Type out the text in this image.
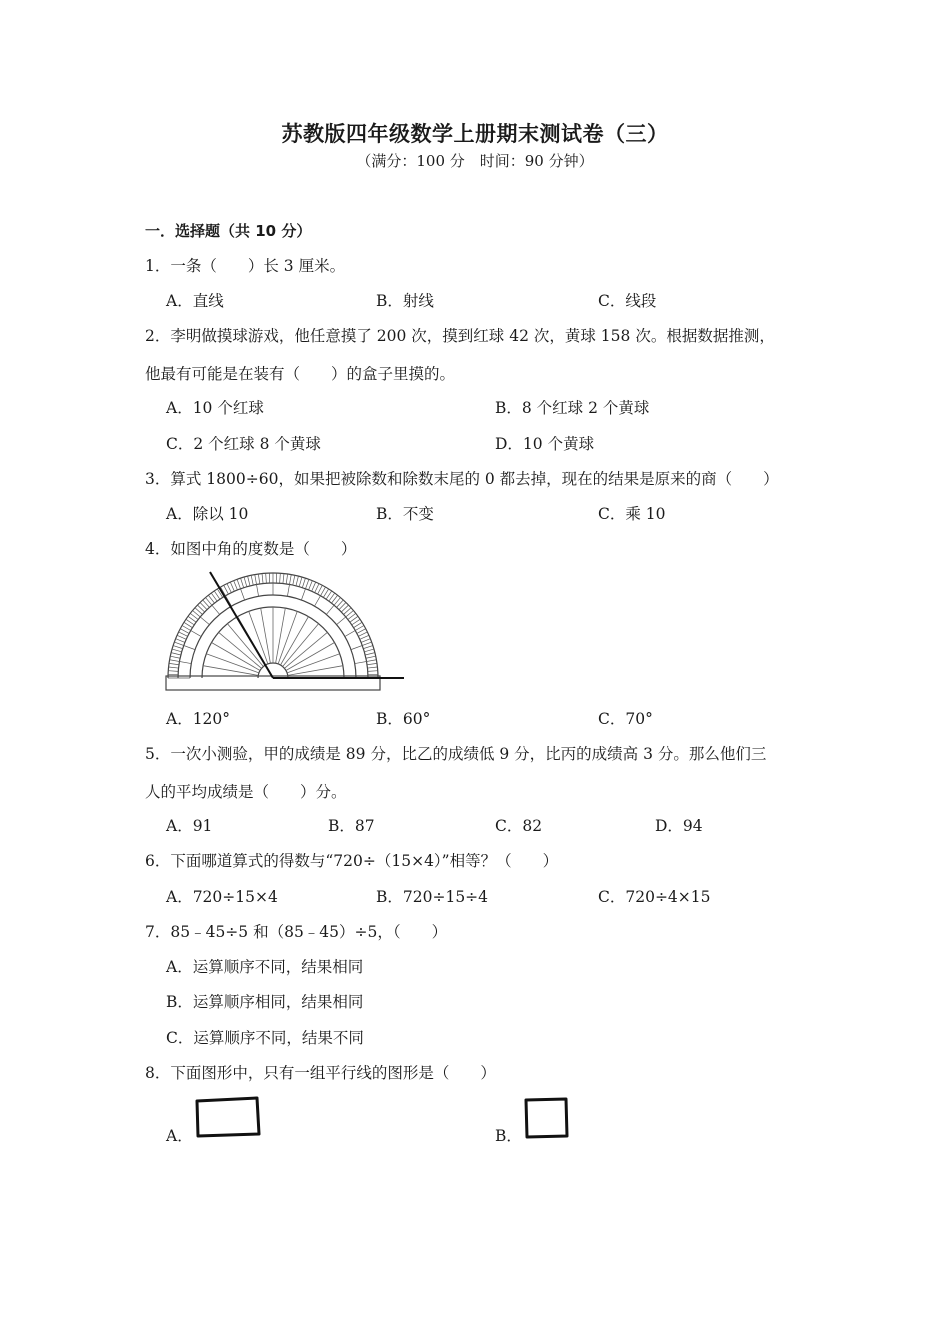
苏教版四年级数学上册期末测试卷（三）
（满分：100 分　时间：90 分钟）
一．选择题（共 10 分）
1．一条（　　）长 3 厘米。
A．直线	B．射线	C．线段
2．李明做摸球游戏，他任意摸了 200 次，摸到红球 42 次，黄球 158 次。根据数据推测，
他最有可能是在装有（　　）的盒子里摸的。
A．10 个红球	B．8 个红球 2 个黄球
C．2 个红球 8 个黄球	D．10 个黄球
3．算式 1800÷60，如果把被除数和除数末尾的 0 都去掉，现在的结果是原来的商（　　）
A．除以 10	B．不变	C．乘 10
4．如图中角的度数是（　　）
A．120°	B．60°	C．70°
5．一次小测验，甲的成绩是 89 分，比乙的成绩低 9 分，比丙的成绩高 3 分。那么他们三
人的平均成绩是（　　）分。
A．91	B．87	C．82	D．94
6．下面哪道算式的得数与“720÷（15×4）”相等？（　　）
A．720÷15×4	B．720÷15÷4	C．720÷4×15
7．85﹣45÷5 和（85﹣45）÷5，（　　）
A．运算顺序不同，结果相同
B．运算顺序相同，结果相同
C．运算顺序不同，结果不同
8．下面图形中，只有一组平行线的图形是（　　）
A．	B．
